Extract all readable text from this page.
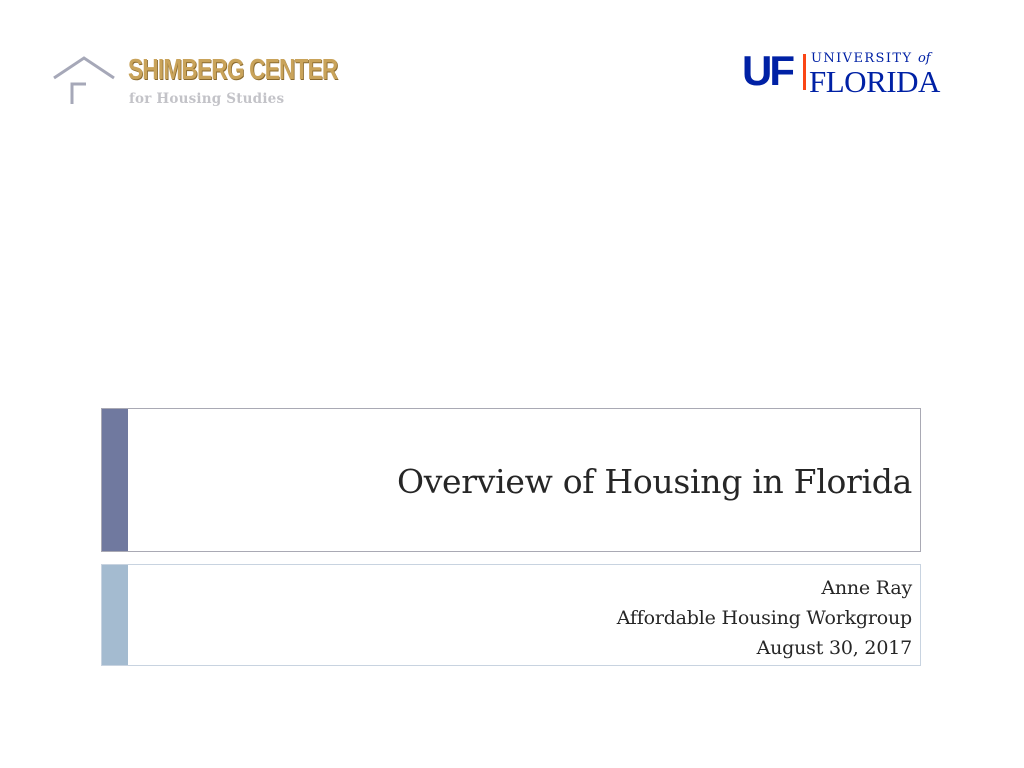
SHIMBERG CENTER
for Housing Studies
UF UNIVERSITY of
FLORIDA
Overview of Housing in Florida
Anne Ray
Affordable Housing Workgroup
August 30, 2017
